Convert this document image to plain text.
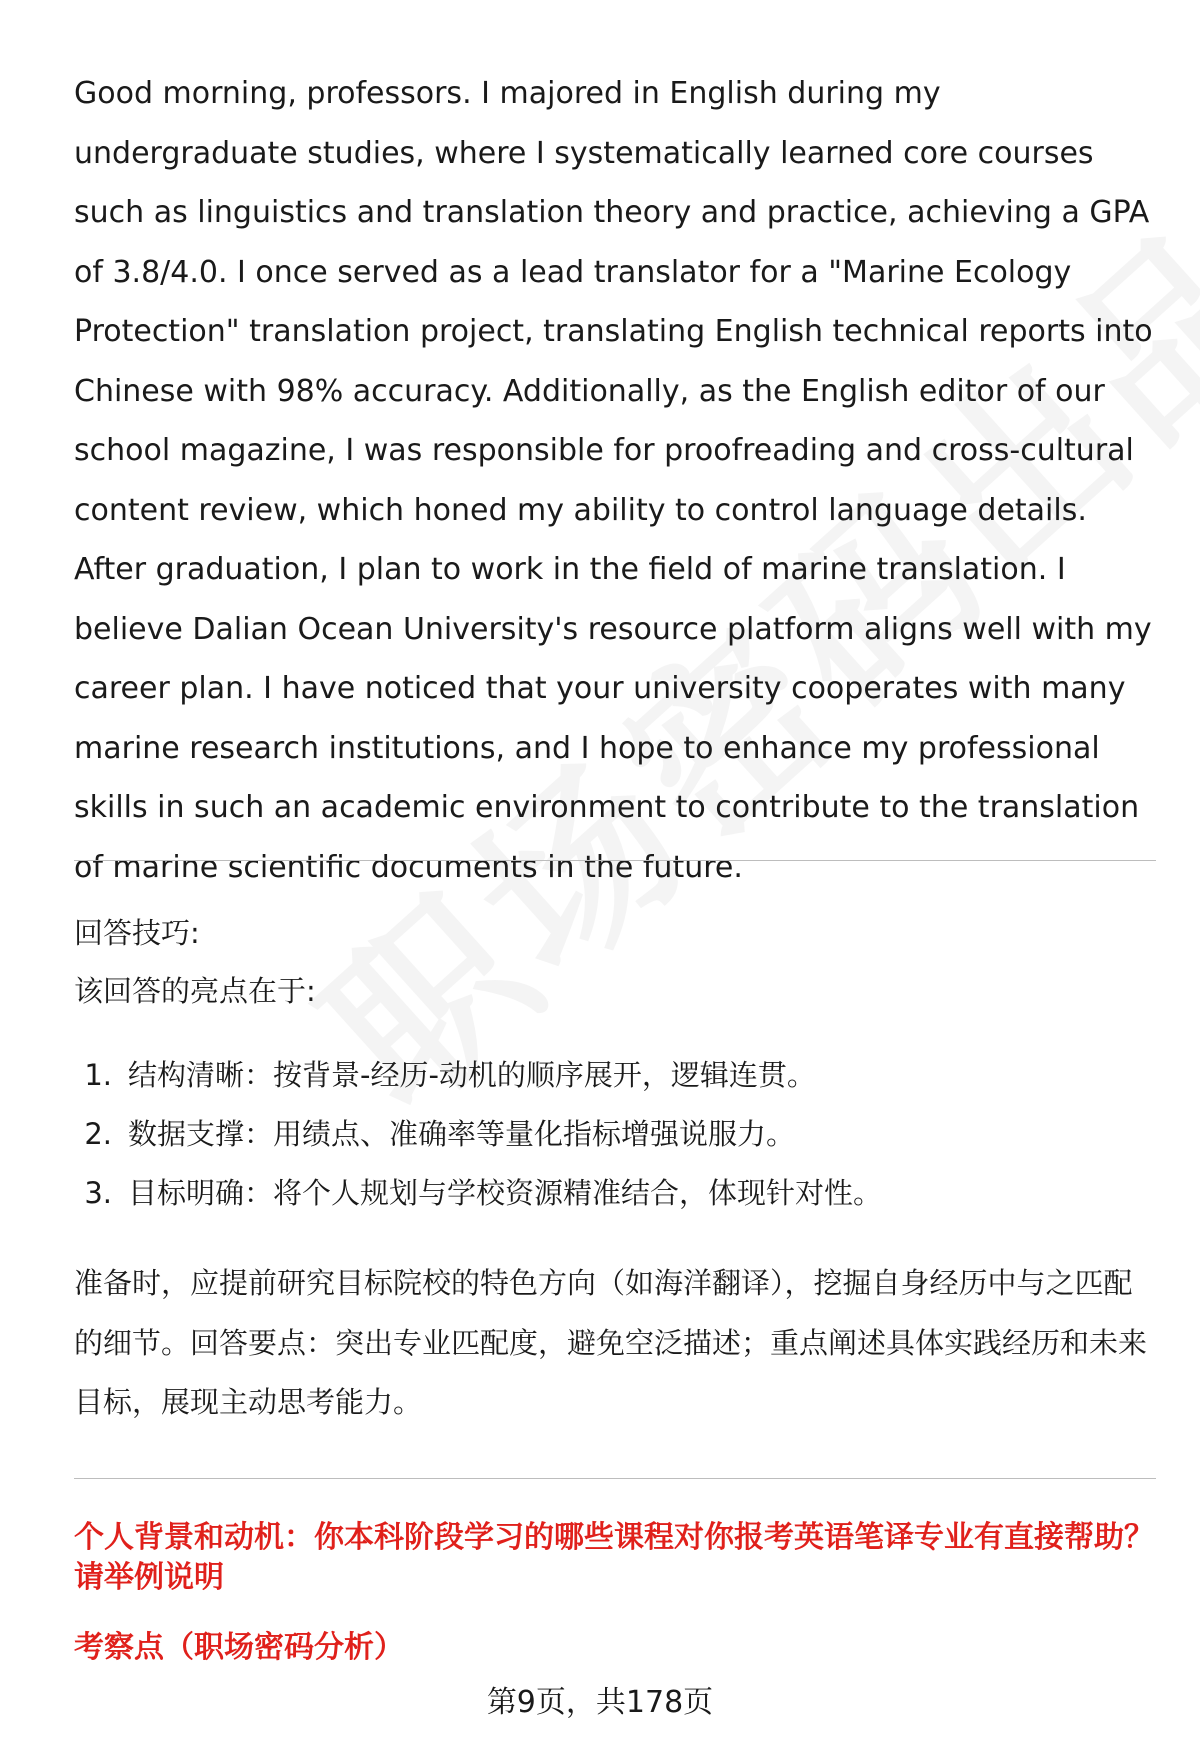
Good morning, professors. I majored in English during my undergraduate studies, where I systematically learned core courses such as linguistics and translation theory and practice, achieving a GPA of 3.8/4.0. I once served as a lead translator for a "Marine Ecology Protection" translation project, translating English technical reports into Chinese with 98% accuracy. Additionally, as the English editor of our school magazine, I was responsible for proofreading and cross-cultural content review, which honed my ability to control language details. After graduation, I plan to work in the field of marine translation. I believe Dalian Ocean University's resource platform aligns well with my career plan. I have noticed that your university cooperates with many marine research institutions, and I hope to enhance my professional skills in such an academic environment to contribute to the translation of marine scientific documents in the future.

回答技巧:
该回答的亮点在于:
1. 结构清晰：按背景-经历-动机的顺序展开，逻辑连贯。
2. 数据支撑：用绩点、准确率等量化指标增强说服力。
3. 目标明确：将个人规划与学校资源精准结合，体现针对性。

准备时，应提前研究目标院校的特色方向（如海洋翻译），挖掘自身经历中与之匹配的细节。回答要点：突出专业匹配度，避免空泛描述；重点阐述具体实践经历和未来目标，展现主动思考能力。

个人背景和动机：你本科阶段学习的哪些课程对你报考英语笔译专业有直接帮助？请举例说明

考察点（职场密码分析）

第9页，共178页
